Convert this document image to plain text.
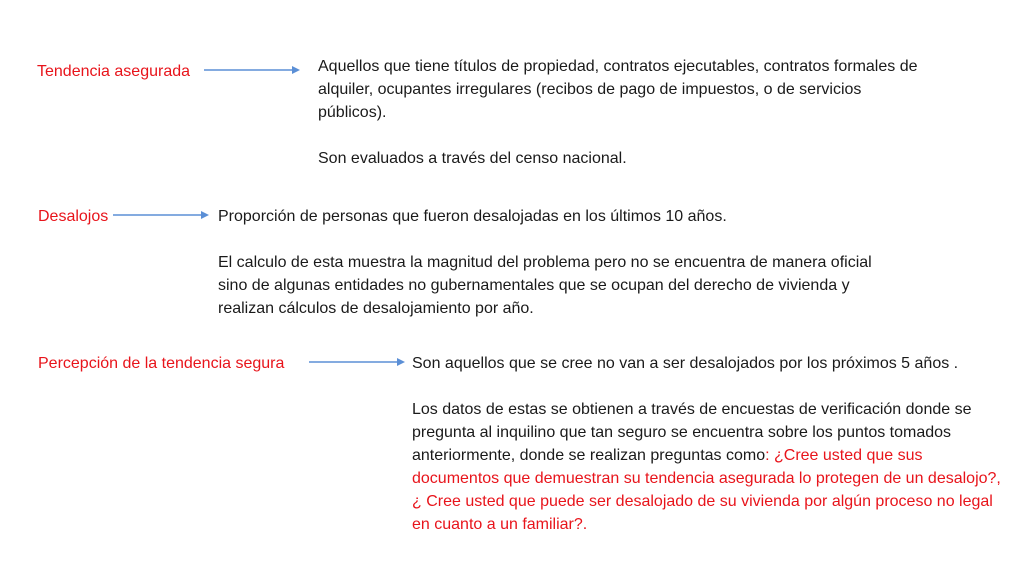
Tendencia asegurada	Aquellos que tiene títulos de propiedad, contratos ejecutables, contratos formales de alquiler, ocupantes irregulares (recibos de pago de impuestos, o de servicios públicos).

Son evaluados a través del censo nacional.

Desalojos	Proporción de personas que fueron desalojadas en los últimos 10 años.

El calculo de esta muestra la magnitud del problema pero no se encuentra de manera oficial sino de algunas entidades no gubernamentales que se ocupan del derecho de vivienda y realizan cálculos de desalojamiento por año.

Percepción de la tendencia segura	Son aquellos que se cree no van a ser desalojados por los próximos 5 años .

Los datos de estas se obtienen a través de encuestas de verificación donde se pregunta al inquilino que tan seguro se encuentra sobre los puntos tomados anteriormente, donde se realizan preguntas como: ¿Cree usted que sus documentos que demuestran su tendencia asegurada lo protegen de un desalojo?, ¿ Cree usted que puede ser desalojado de su vivienda por algún proceso no legal en cuanto a un familiar?.
